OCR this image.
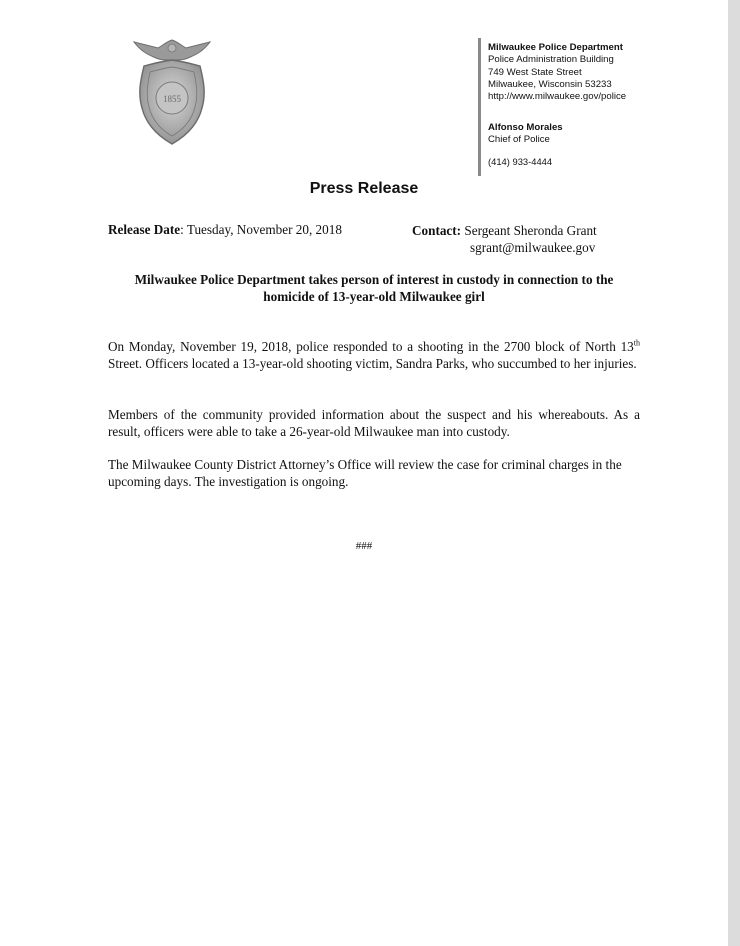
1855
Milwaukee Police Department
Police Administration Building
749 West State Street
Milwaukee, Wisconsin 53233
http://www.milwaukee.gov/police
Alfonso Morales
Chief of Police
(414) 933-4444
Press Release
Release Date: Tuesday, November 20, 2018	Contact: Sergeant Sheronda Grant
sgrant@milwaukee.gov
Milwaukee Police Department takes person of interest in custody in connection to the homicide of 13-year-old Milwaukee girl

On Monday, November 19, 2018, police responded to a shooting in the 2700 block of North 13th Street. Officers located a 13-year-old shooting victim, Sandra Parks, who succumbed to her injuries.

Members of the community provided information about the suspect and his whereabouts. As a result, officers were able to take a 26-year-old Milwaukee man into custody.

The Milwaukee County District Attorney’s Office will review the case for criminal charges in the upcoming days. The investigation is ongoing.

###
